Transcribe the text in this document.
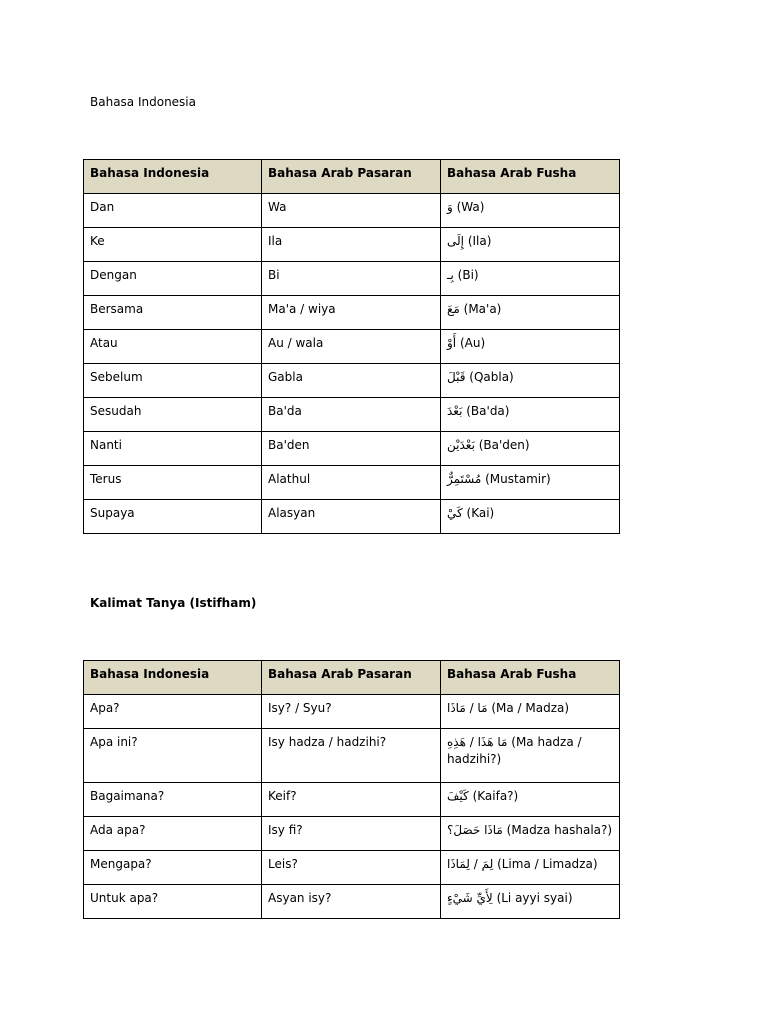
Bahasa Indonesia
Bahasa Indonesia	Bahasa Arab Pasaran	Bahasa Arab Fusha
Dan	Wa	وَ (Wa)
Ke	Ila	إِلَى (Ila)
Dengan	Bi	بِـ (Bi)
Bersama	Ma'a / wiya	مَعَ (Ma'a)
Atau	Au / wala	أَوْ (Au)
Sebelum	Gabla	قَبْلَ (Qabla)
Sesudah	Ba'da	بَعْدَ (Ba'da)
Nanti	Ba'den	بَعْدَيْن (Ba'den)
Terus	Alathul	مُسْتَمِرٌّ (Mustamir)
Supaya	Alasyan	كَيْ (Kai)
Kalimat Tanya (Istifham)
Bahasa Indonesia	Bahasa Arab Pasaran	Bahasa Arab Fusha
Apa?	Isy? / Syu?	مَا / مَاذَا (Ma / Madza)
Apa ini?	Isy hadza / hadzihi?	مَا هَذَا / هَذِهِ (Ma hadza / hadzihi?)
Bagaimana?	Keif?	كَيْفَ (Kaifa?)
Ada apa?	Isy fi?	مَاذَا حَصَلَ؟ (Madza hashala?)
Mengapa?	Leis?	لِمَ / لِمَاذَا (Lima / Limadza)
Untuk apa?	Asyan isy?	لِأَيِّ شَيْءٍ (Li ayyi syai)
